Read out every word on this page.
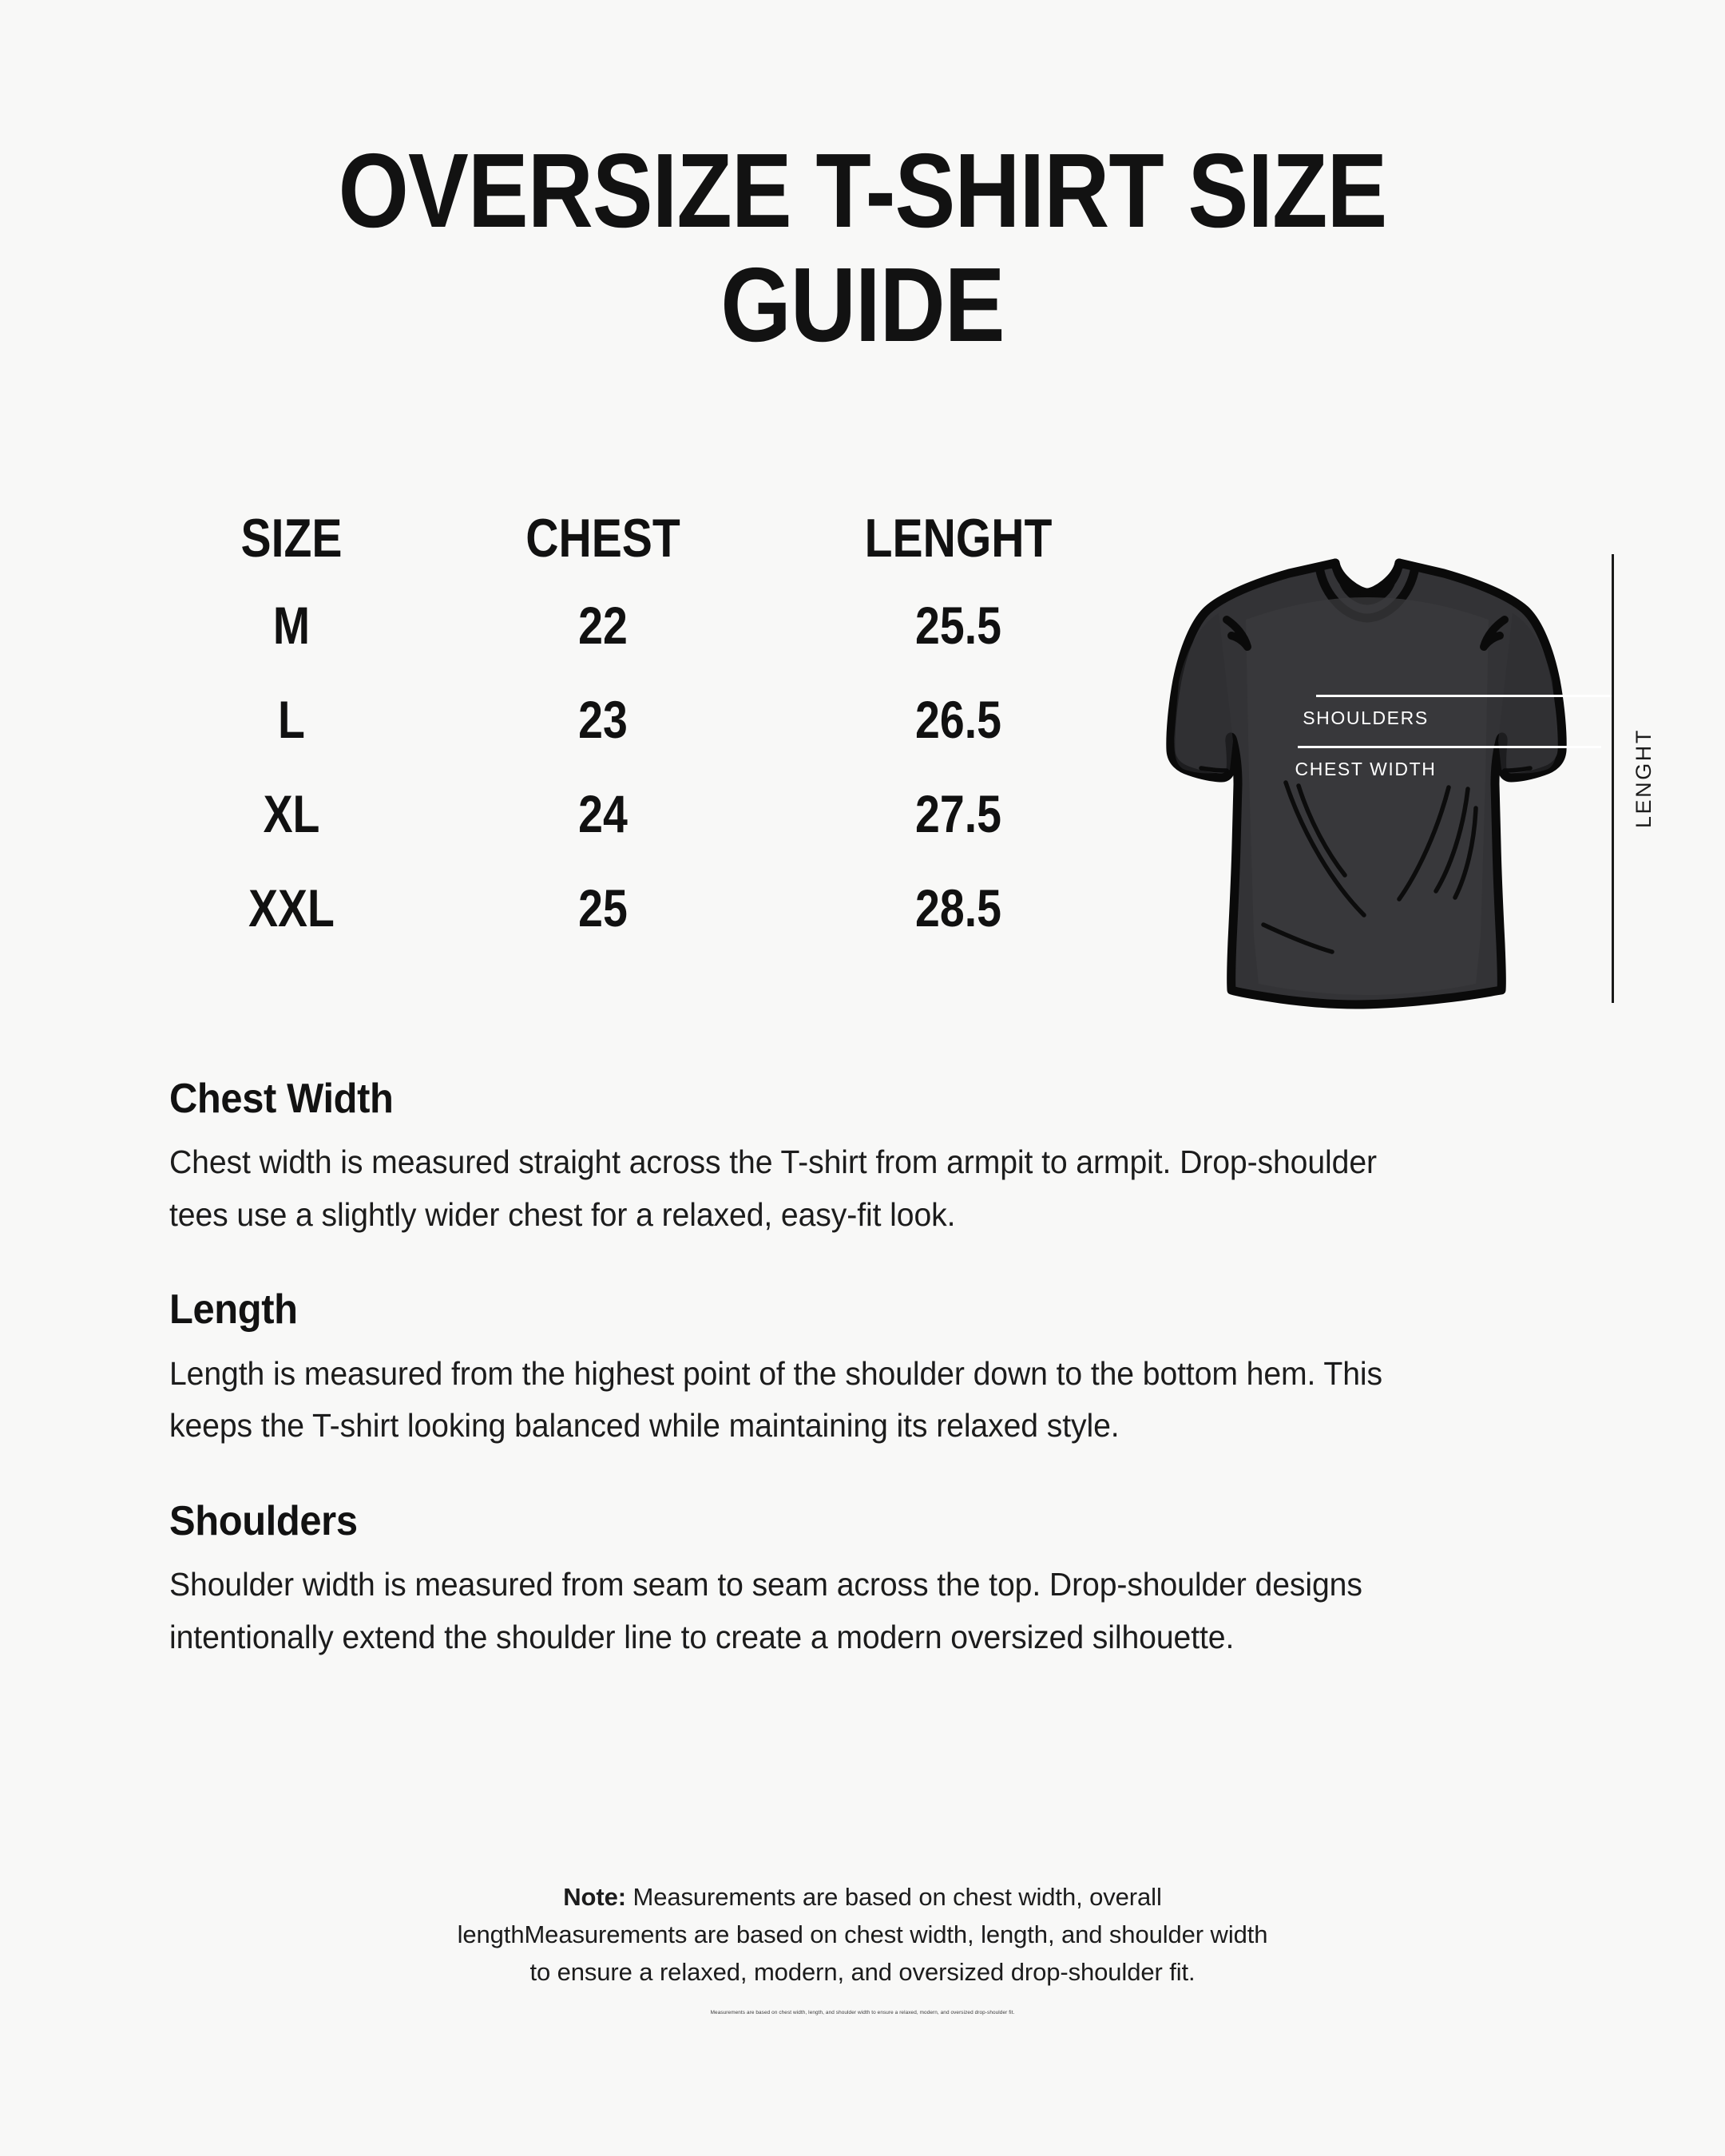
OVERSIZE T-SHIRT SIZE GUIDE
SIZE	CHEST	LENGHT
M	22	25.5
L	23	26.5
XL	24	27.5
XXL	25	28.5
SHOULDERS
CHEST WIDTH	LENGHT
Chest Width

Chest width is measured straight across the T-shirt from armpit to armpit. Drop-shoulder tees use a slightly wider chest for a relaxed, easy-fit look.

Length

Length is measured from the highest point of the shoulder down to the bottom hem. This keeps the T-shirt looking balanced while maintaining its relaxed style.

Shoulders

Shoulder width is measured from seam to seam across the top. Drop-shoulder designs intentionally extend the shoulder line to create a modern oversized silhouette.

Note: Measurements are based on chest width, overall lengthMeasurements are based on chest width, length, and shoulder width to ensure a relaxed, modern, and oversized drop-shoulder fit.
Measurements are based on chest width, length, and shoulder width to ensure a relaxed, modern, and oversized drop-shoulder fit.
